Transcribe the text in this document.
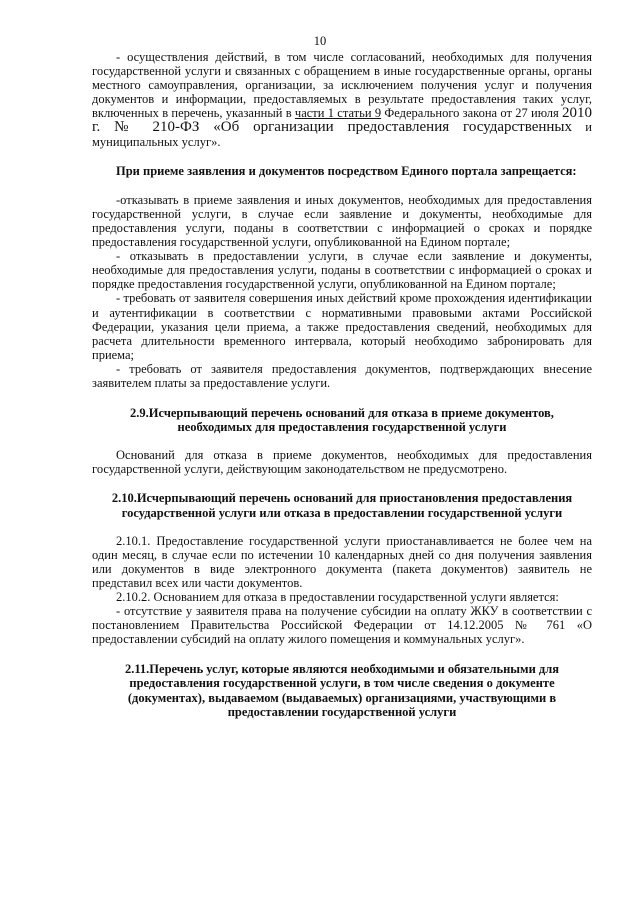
10

- осуществления действий, в том числе согласований, необходимых для получения государственной услуги и связанных с обращением в иные государственные органы, органы местного самоуправления, организации, за исключением получения услуг и получения документов и информации, предоставляемых в результате предоставления таких услуг, включенных в перечень, указанный в части 1 статьи 9 Федерального закона от 27 июля 2010 г. № 210-ФЗ «Об организации предоставления государственных и муниципальных услуг».

При приеме заявления и документов посредством Единого портала запрещается:

-отказывать в приеме заявления и иных документов, необходимых для предоставления государственной услуги, в случае если заявление и документы, необходимые для предоставления услуги, поданы в соответствии с информацией о сроках и порядке предоставления государственной услуги, опубликованной на Едином портале;

- отказывать в предоставлении услуги, в случае если заявление и документы, необходимые для предоставления услуги, поданы в соответствии с информацией о сроках и порядке предоставления государственной услуги, опубликованной на Едином портале;

- требовать от заявителя совершения иных действий кроме прохождения идентификации и аутентификации в соответствии с нормативными правовыми актами Российской Федерации, указания цели приема, а также предоставления сведений, необходимых для расчета длительности временного интервала, который необходимо забронировать для приема;

- требовать от заявителя предоставления документов, подтверждающих внесение заявителем платы за предоставление услуги.

2.9.Исчерпывающий перечень оснований для отказа в приеме документов, необходимых для предоставления государственной услуги

Оснований для отказа в приеме документов, необходимых для предоставления государственной услуги, действующим законодательством не предусмотрено.

2.10.Исчерпывающий перечень оснований для приостановления предоставления государственной услуги или отказа в предоставлении государственной услуги

2.10.1. Предоставление государственной услуги приостанавливается не более чем на один месяц, в случае если по истечении 10 календарных дней со дня получения заявления или документов в виде электронного документа (пакета документов) заявитель не представил всех или части документов.

2.10.2. Основанием для отказа в предоставлении государственной услуги является:

- отсутствие у заявителя права на получение субсидии на оплату ЖКУ в соответствии с постановлением Правительства Российской Федерации от 14.12.2005 № 761 «О предоставлении субсидий на оплату жилого помещения и коммунальных услуг».

2.11.Перечень услуг, которые являются необходимыми и обязательными для предоставления государственной услуги, в том числе сведения о документе (документах), выдаваемом (выдаваемых) организациями, участвующими в предоставлении государственной услуги
